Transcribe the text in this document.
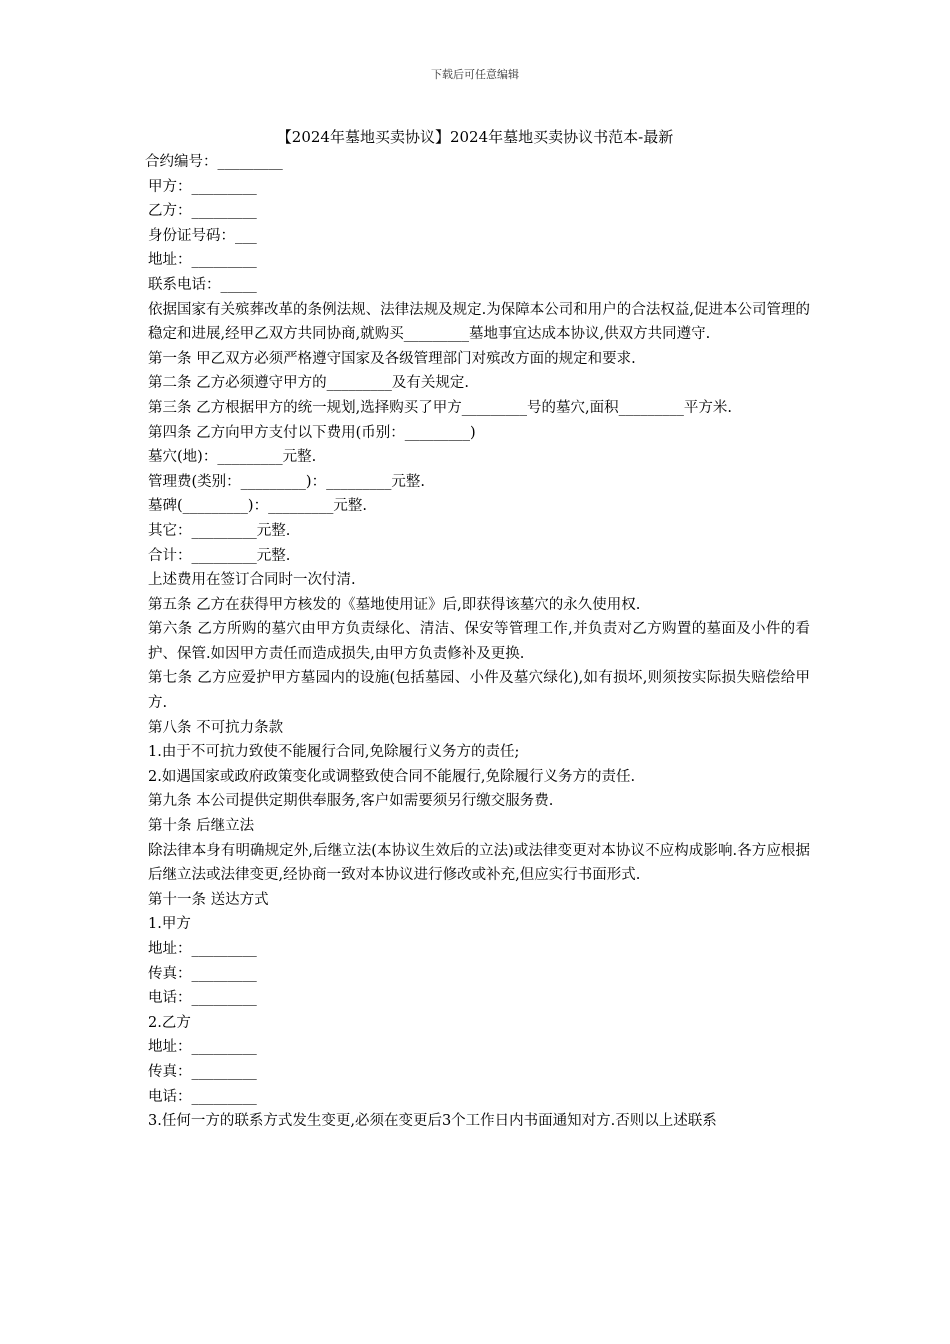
下载后可任意编辑
【2024年墓地买卖协议】2024年墓地买卖协议书范本-最新

合约编号：_________

甲方：_________

乙方：_________

身份证号码：___

地址：_________

联系电话：_____

依据国家有关殡葬改革的条例法规、法律法规及规定.为保障本公司和用户的合法权益,促进本公司管理的稳定和进展,经甲乙双方共同协商,就购买_________墓地事宜达成本协议,供双方共同遵守.

第一条 甲乙双方必须严格遵守国家及各级管理部门对殡改方面的规定和要求.

第二条 乙方必须遵守甲方的_________及有关规定.

第三条 乙方根据甲方的统一规划,选择购买了甲方_________号的墓穴,面积_________平方米.

第四条 乙方向甲方支付以下费用(币别：_________)

墓穴(地)：_________元整.

管理费(类别：_________)：_________元整.

墓碑(_________)：_________元整.

其它：_________元整.

合计：_________元整.

上述费用在签订合同时一次付清.

第五条 乙方在获得甲方核发的《墓地使用证》后,即获得该墓穴的永久使用权.

第六条 乙方所购的墓穴由甲方负责绿化、清洁、保安等管理工作,并负责对乙方购置的墓面及小件的看护、保管.如因甲方责任而造成损失,由甲方负责修补及更换.

第七条 乙方应爱护甲方墓园内的设施(包括墓园、小件及墓穴绿化),如有损坏,则须按实际损失赔偿给甲方.

第八条 不可抗力条款

1.由于不可抗力致使不能履行合同,免除履行义务方的责任;

2.如遇国家或政府政策变化或调整致使合同不能履行,免除履行义务方的责任.

第九条 本公司提供定期供奉服务,客户如需要须另行缴交服务费.

第十条 后继立法

除法律本身有明确规定外,后继立法(本协议生效后的立法)或法律变更对本协议不应构成影响.各方应根据后继立法或法律变更,经协商一致对本协议进行修改或补充,但应实行书面形式.

第十一条 送达方式

1.甲方

地址：_________

传真：_________

电话：_________

2.乙方

地址：_________

传真：_________

电话：_________

3.任何一方的联系方式发生变更,必须在变更后3个工作日内书面通知对方.否则以上述联系
